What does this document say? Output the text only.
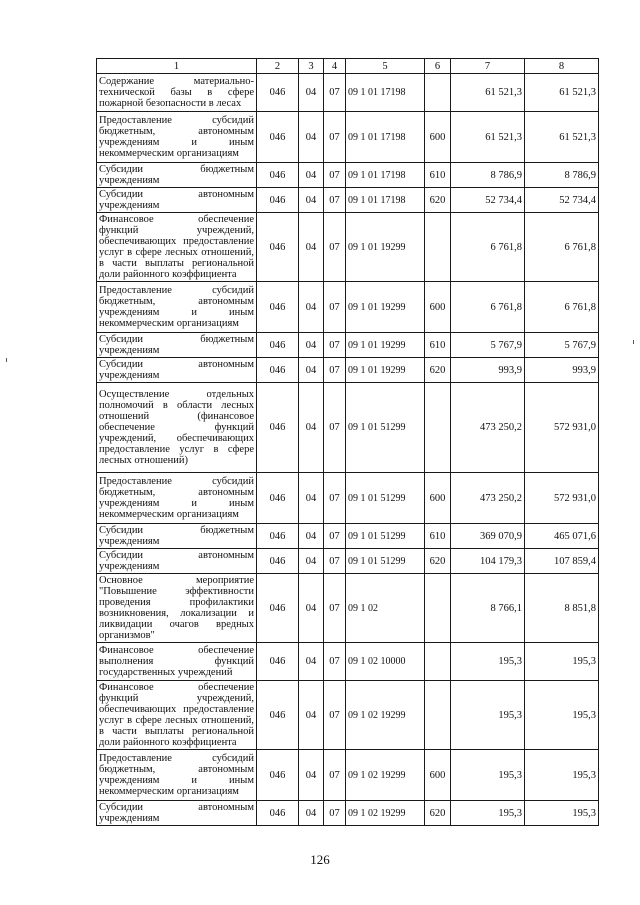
1	2	3	4	5	6	7	8
Содержание материально-технической базы в сфере пожарной безопасности в лесах	046	04	07	09 1 01 17198		61 521,3	61 521,3
Предоставление субсидий бюджетным, автономным учреждениям и иным некоммерческим организациям	046	04	07	09 1 01 17198	600	61 521,3	61 521,3
Субсидии бюджетным учреждениям	046	04	07	09 1 01 17198	610	8 786,9	8 786,9
Субсидии автономным учреждениям	046	04	07	09 1 01 17198	620	52 734,4	52 734,4
Финансовое обеспечение функций учреждений, обеспечивающих предоставление услуг в сфере лесных отношений, в части выплаты региональной доли районного коэффициента	046	04	07	09 1 01 19299		6 761,8	6 761,8
Предоставление субсидий бюджетным, автономным учреждениям и иным некоммерческим организациям	046	04	07	09 1 01 19299	600	6 761,8	6 761,8
Субсидии бюджетным учреждениям	046	04	07	09 1 01 19299	610	5 767,9	5 767,9
Субсидии автономным учреждениям	046	04	07	09 1 01 19299	620	993,9	993,9
Осуществление отдельных полномочий в области лесных отношений (финансовое обеспечение функций учреждений, обеспечивающих предоставление услуг в сфере лесных отношений)	046	04	07	09 1 01 51299		473 250,2	572 931,0
Предоставление субсидий бюджетным, автономным учреждениям и иным некоммерческим организациям	046	04	07	09 1 01 51299	600	473 250,2	572 931,0
Субсидии бюджетным учреждениям	046	04	07	09 1 01 51299	610	369 070,9	465 071,6
Субсидии автономным учреждениям	046	04	07	09 1 01 51299	620	104 179,3	107 859,4
Основное мероприятие "Повышение эффективности проведения профилактики возникновения, локализации и ликвидации очагов вредных организмов"	046	04	07	09 1 02		8 766,1	8 851,8
Финансовое обеспечение выполнения функций государственных учреждений	046	04	07	09 1 02 10000		195,3	195,3
Финансовое обеспечение функций учреждений, обеспечивающих предоставление услуг в сфере лесных отношений, в части выплаты региональной доли районного коэффициента	046	04	07	09 1 02 19299		195,3	195,3
Предоставление субсидий бюджетным, автономным учреждениям и иным некоммерческим организациям	046	04	07	09 1 02 19299	600	195,3	195,3
Субсидии автономным учреждениям	046	04	07	09 1 02 19299	620	195,3	195,3
126
